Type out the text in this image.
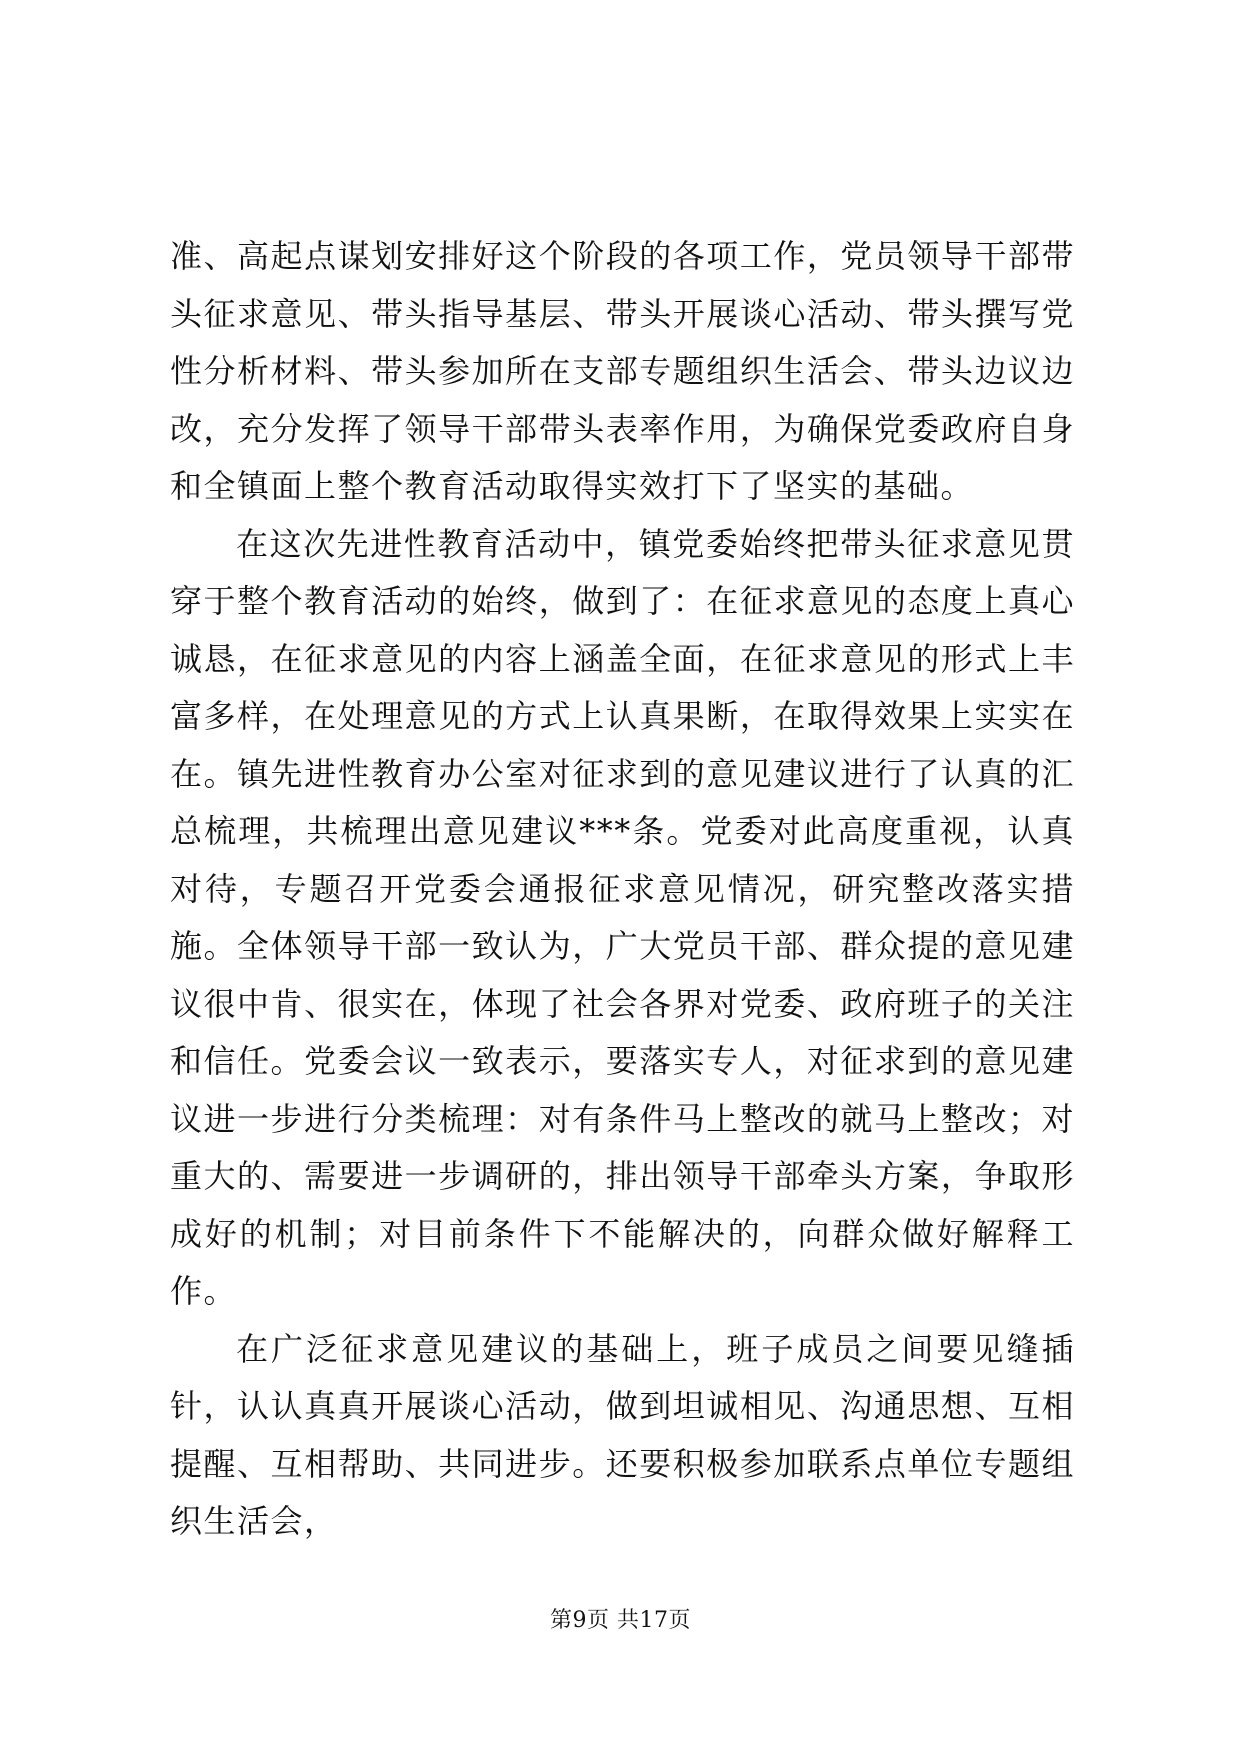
准、高起点谋划安排好这个阶段的各项工作，党员领导干部带头征求意见、带头指导基层、带头开展谈心活动、带头撰写党性分析材料、带头参加所在支部专题组织生活会、带头边议边改，充分发挥了领导干部带头表率作用，为确保党委政府自身和全镇面上整个教育活动取得实效打下了坚实的基础。

在这次先进性教育活动中，镇党委始终把带头征求意见贯穿于整个教育活动的始终，做到了：在征求意见的态度上真心诚恳，在征求意见的内容上涵盖全面，在征求意见的形式上丰富多样，在处理意见的方式上认真果断，在取得效果上实实在在。镇先进性教育办公室对征求到的意见建议进行了认真的汇总梳理，共梳理出意见建议***条。党委对此高度重视，认真对待，专题召开党委会通报征求意见情况，研究整改落实措施。全体领导干部一致认为，广大党员干部、群众提的意见建议很中肯、很实在，体现了社会各界对党委、政府班子的关注和信任。党委会议一致表示，要落实专人，对征求到的意见建议进一步进行分类梳理：对有条件马上整改的就马上整改；对重大的、需要进一步调研的，排出领导干部牵头方案，争取形成好的机制；对目前条件下不能解决的，向群众做好解释工作。

在广泛征求意见建议的基础上，班子成员之间要见缝插针，认认真真开展谈心活动，做到坦诚相见、沟通思想、互相提醒、互相帮助、共同进步。还要积极参加联系点单位专题组织生活会，

第9页 共17页
